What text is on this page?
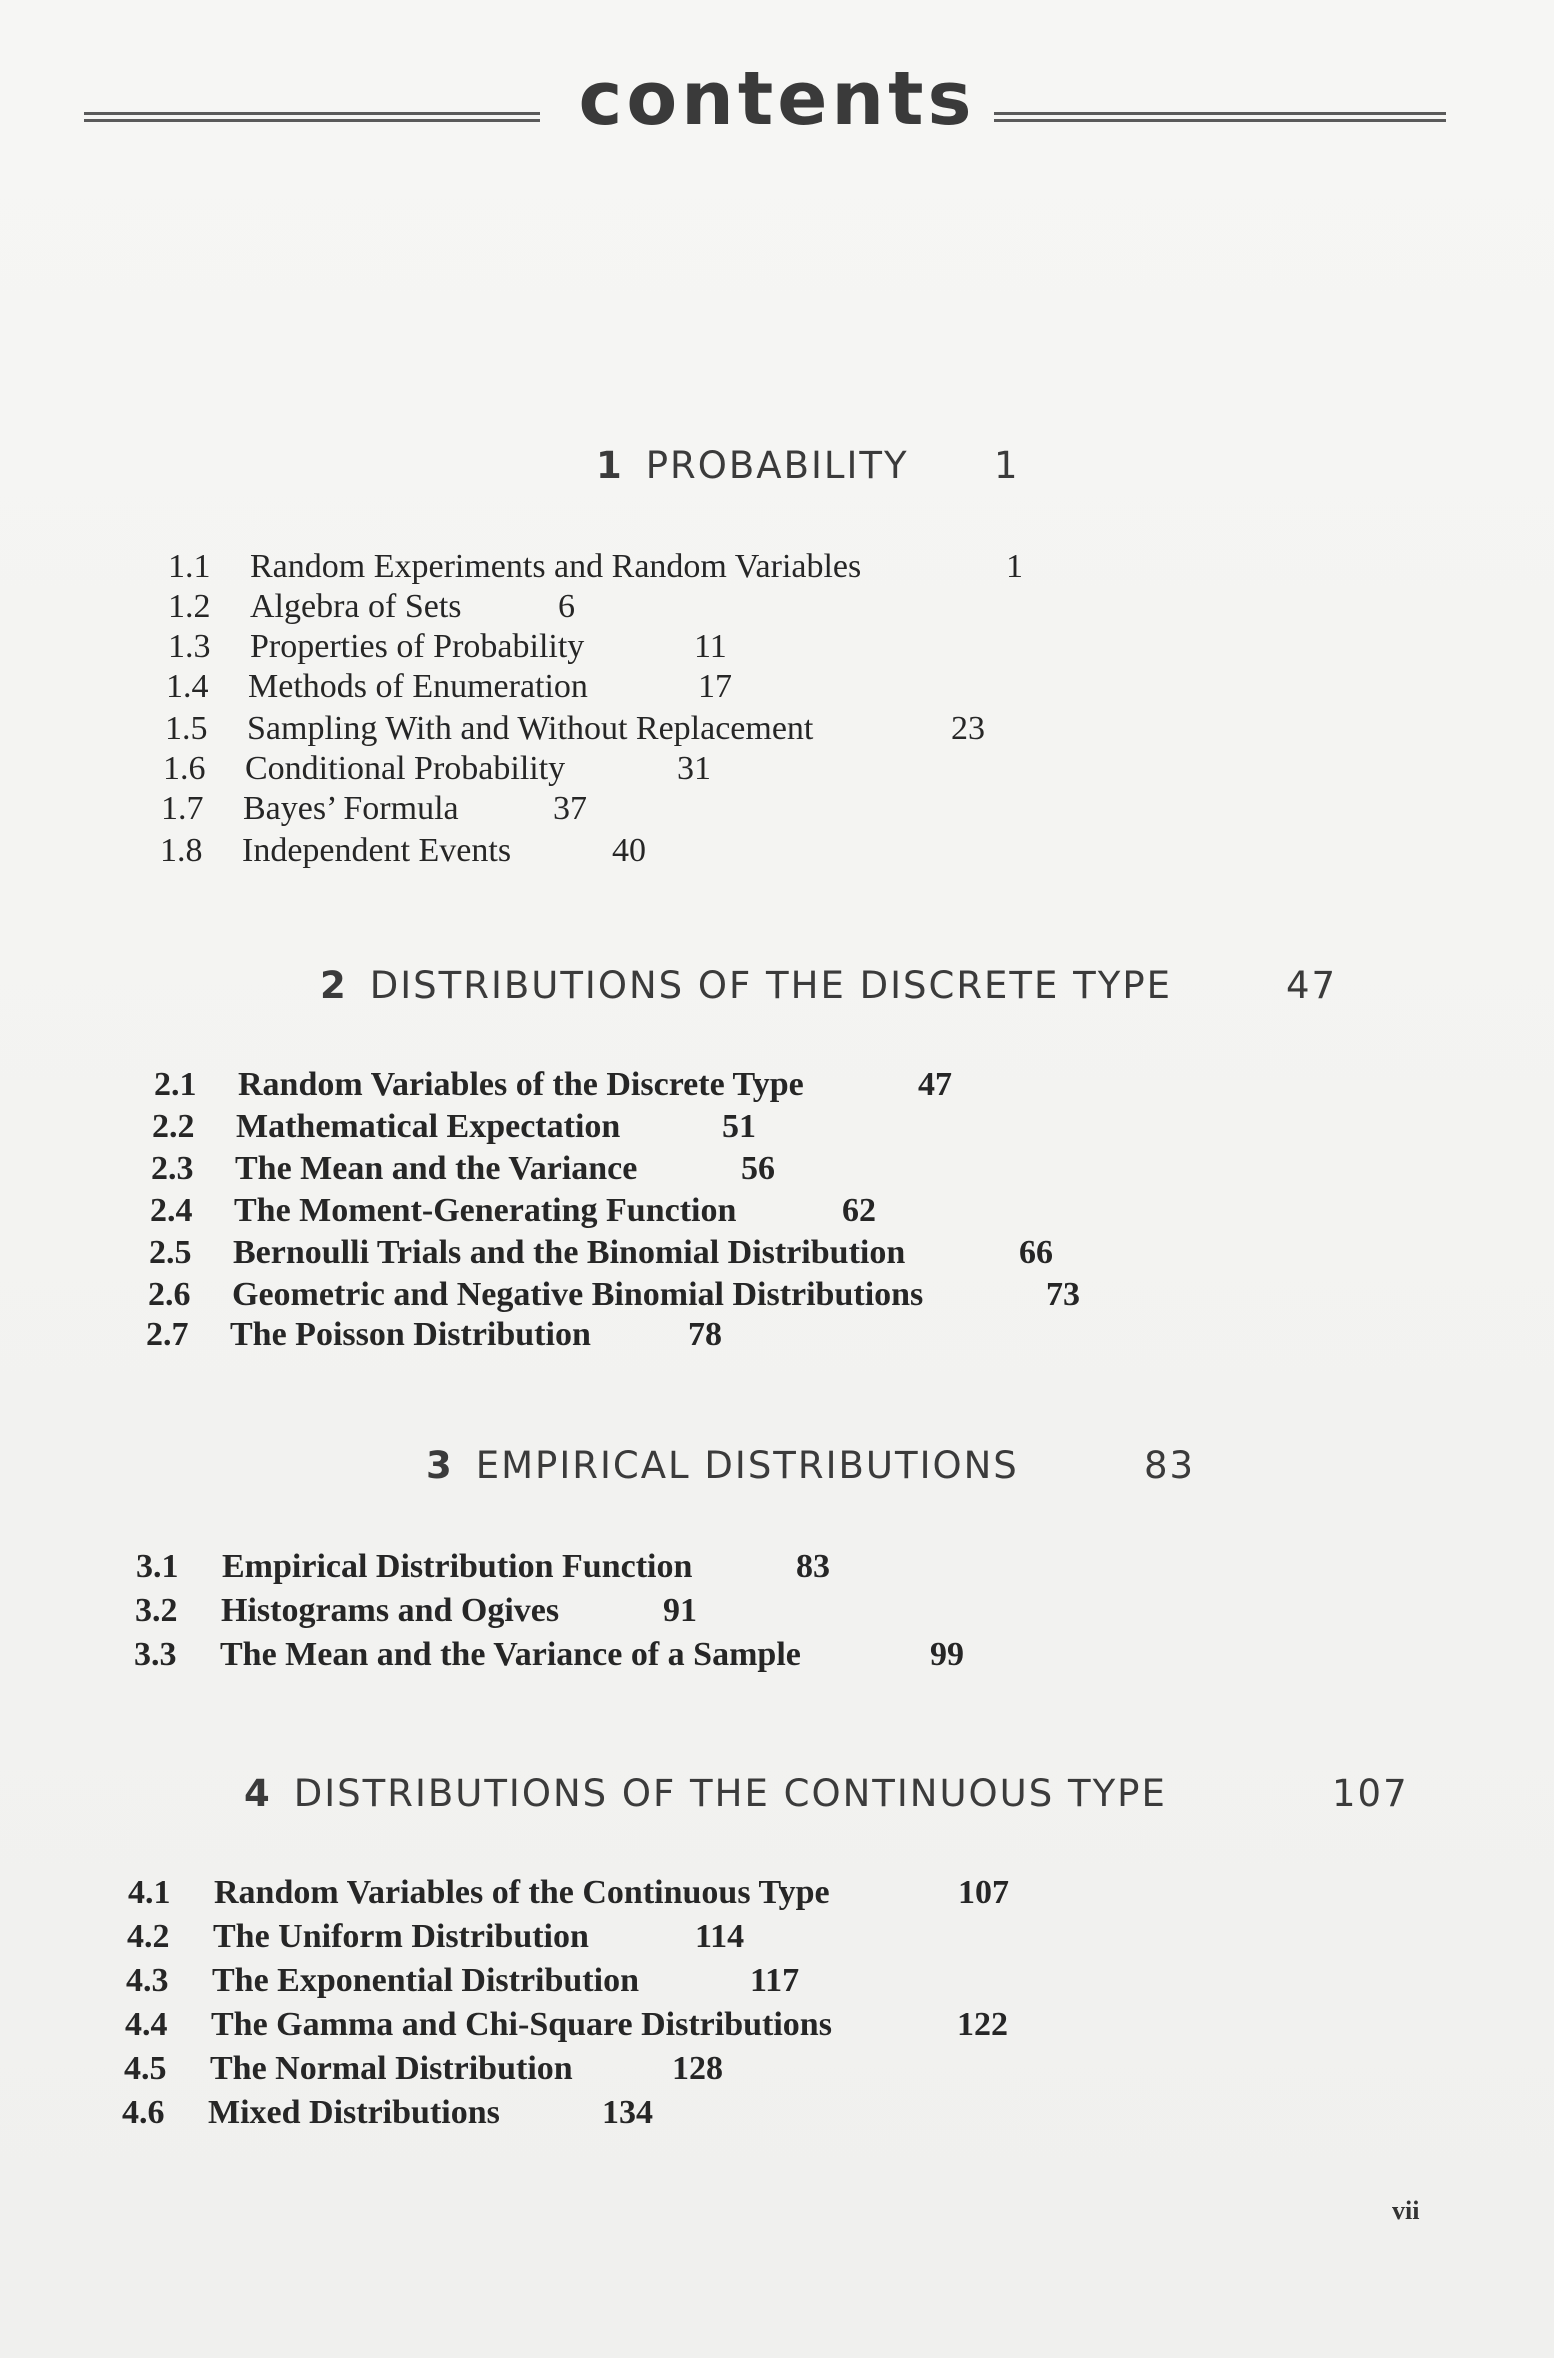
contents
1 PROBABILITY 1
1.1 Random Experiments and Random Variables	1
1.2 Algebra of Sets	6
1.3 Properties of Probability	11
1.4 Methods of Enumeration	17
1.5 Sampling With and Without Replacement	23
1.6 Conditional Probability	31
1.7 Bayes’ Formula	37
1.8 Independent Events	40
2 DISTRIBUTIONS OF THE DISCRETE TYPE	47
2.1 Random Variables of the Discrete Type	47
2.2 Mathematical Expectation	51
2.3 The Mean and the Variance	56
2.4 The Moment-Generating Function	62
2.5 Bernoulli Trials and the Binomial Distribution	66
2.6 Geometric and Negative Binomial Distributions	73
2.7 The Poisson Distribution	78
3 EMPIRICAL DISTRIBUTIONS	83
3.1 Empirical Distribution Function	83
3.2 Histograms and Ogives	91
3.3 The Mean and the Variance of a Sample	99
4 DISTRIBUTIONS OF THE CONTINUOUS TYPE	107
4.1 Random Variables of the Continuous Type	107
4.2 The Uniform Distribution	114
4.3 The Exponential Distribution	117
4.4 The Gamma and Chi-Square Distributions	122
4.5 The Normal Distribution	128
4.6 Mixed Distributions	134
vii
